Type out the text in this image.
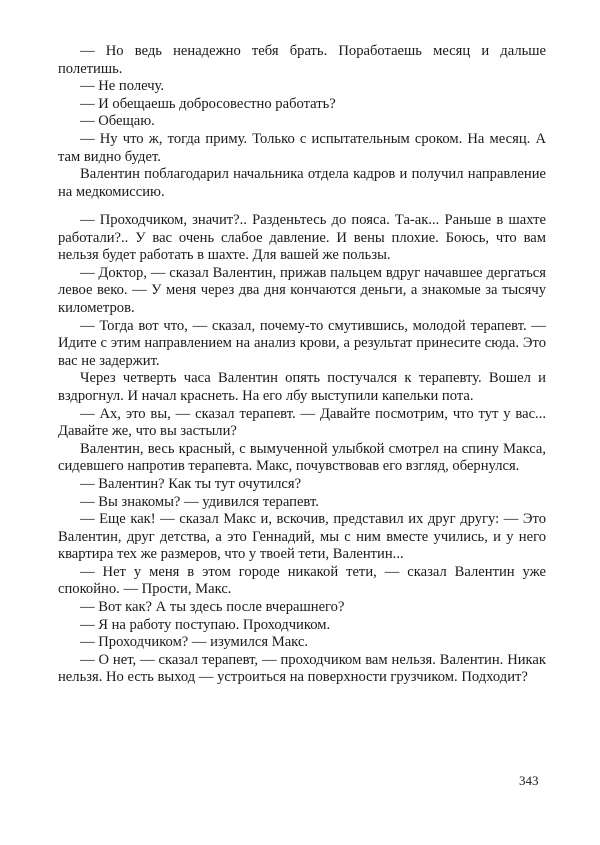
— Но ведь ненадежно тебя брать. Поработаешь месяц и дальше полетишь.

— Не полечу.

— И обещаешь добросовестно работать?

— Обещаю.

— Ну что ж, тогда приму. Только с испытательным сроком. На месяц. А там видно будет.

Валентин поблагодарил начальника отдела кадров и получил направление на медкомиссию.

— Проходчиком, значит?.. Разденьтесь до пояса. Та-ак... Раньше в шахте работали?.. У вас очень слабое давление. И вены плохие. Боюсь, что вам нельзя будет работать в шахте. Для вашей же пользы.

— Доктор, — сказал Валентин, прижав пальцем вдруг начавшее дергаться левое веко. — У меня через два дня кончаются деньги, а знакомые за тысячу километров.

— Тогда вот что, — сказал, почему-то смутившись, молодой терапевт. — Идите с этим направлением на анализ крови, а результат принесите сюда. Это вас не задержит.

Через четверть часа Валентин опять постучался к терапевту. Вошел и вздрогнул. И начал краснеть. На его лбу выступили капельки пота.

— Ах, это вы, — сказал терапевт. — Давайте посмотрим, что тут у вас... Давайте же, что вы застыли?

Валентин, весь красный, с вымученной улыбкой смотрел на спину Макса, сидевшего напротив терапевта. Макс, почувствовав его взгляд, обернулся.

— Валентин? Как ты тут очутился?

— Вы знакомы? — удивился терапевт.

— Еще как! — сказал Макс и, вскочив, представил их друг другу: — Это Валентин, друг детства, а это Геннадий, мы с ним вместе учились, и у него квартира тех же размеров, что у твоей тети, Валентин...

— Нет у меня в этом городе никакой тети, — сказал Валентин уже спокойно. — Прости, Макс.

— Вот как? А ты здесь после вчерашнего?

— Я на работу поступаю. Проходчиком.

— Проходчиком? — изумился Макс.

— О нет, — сказал терапевт, — проходчиком вам нельзя. Валентин. Никак нельзя. Но есть выход — устроиться на поверхности грузчиком. Подходит?

343
